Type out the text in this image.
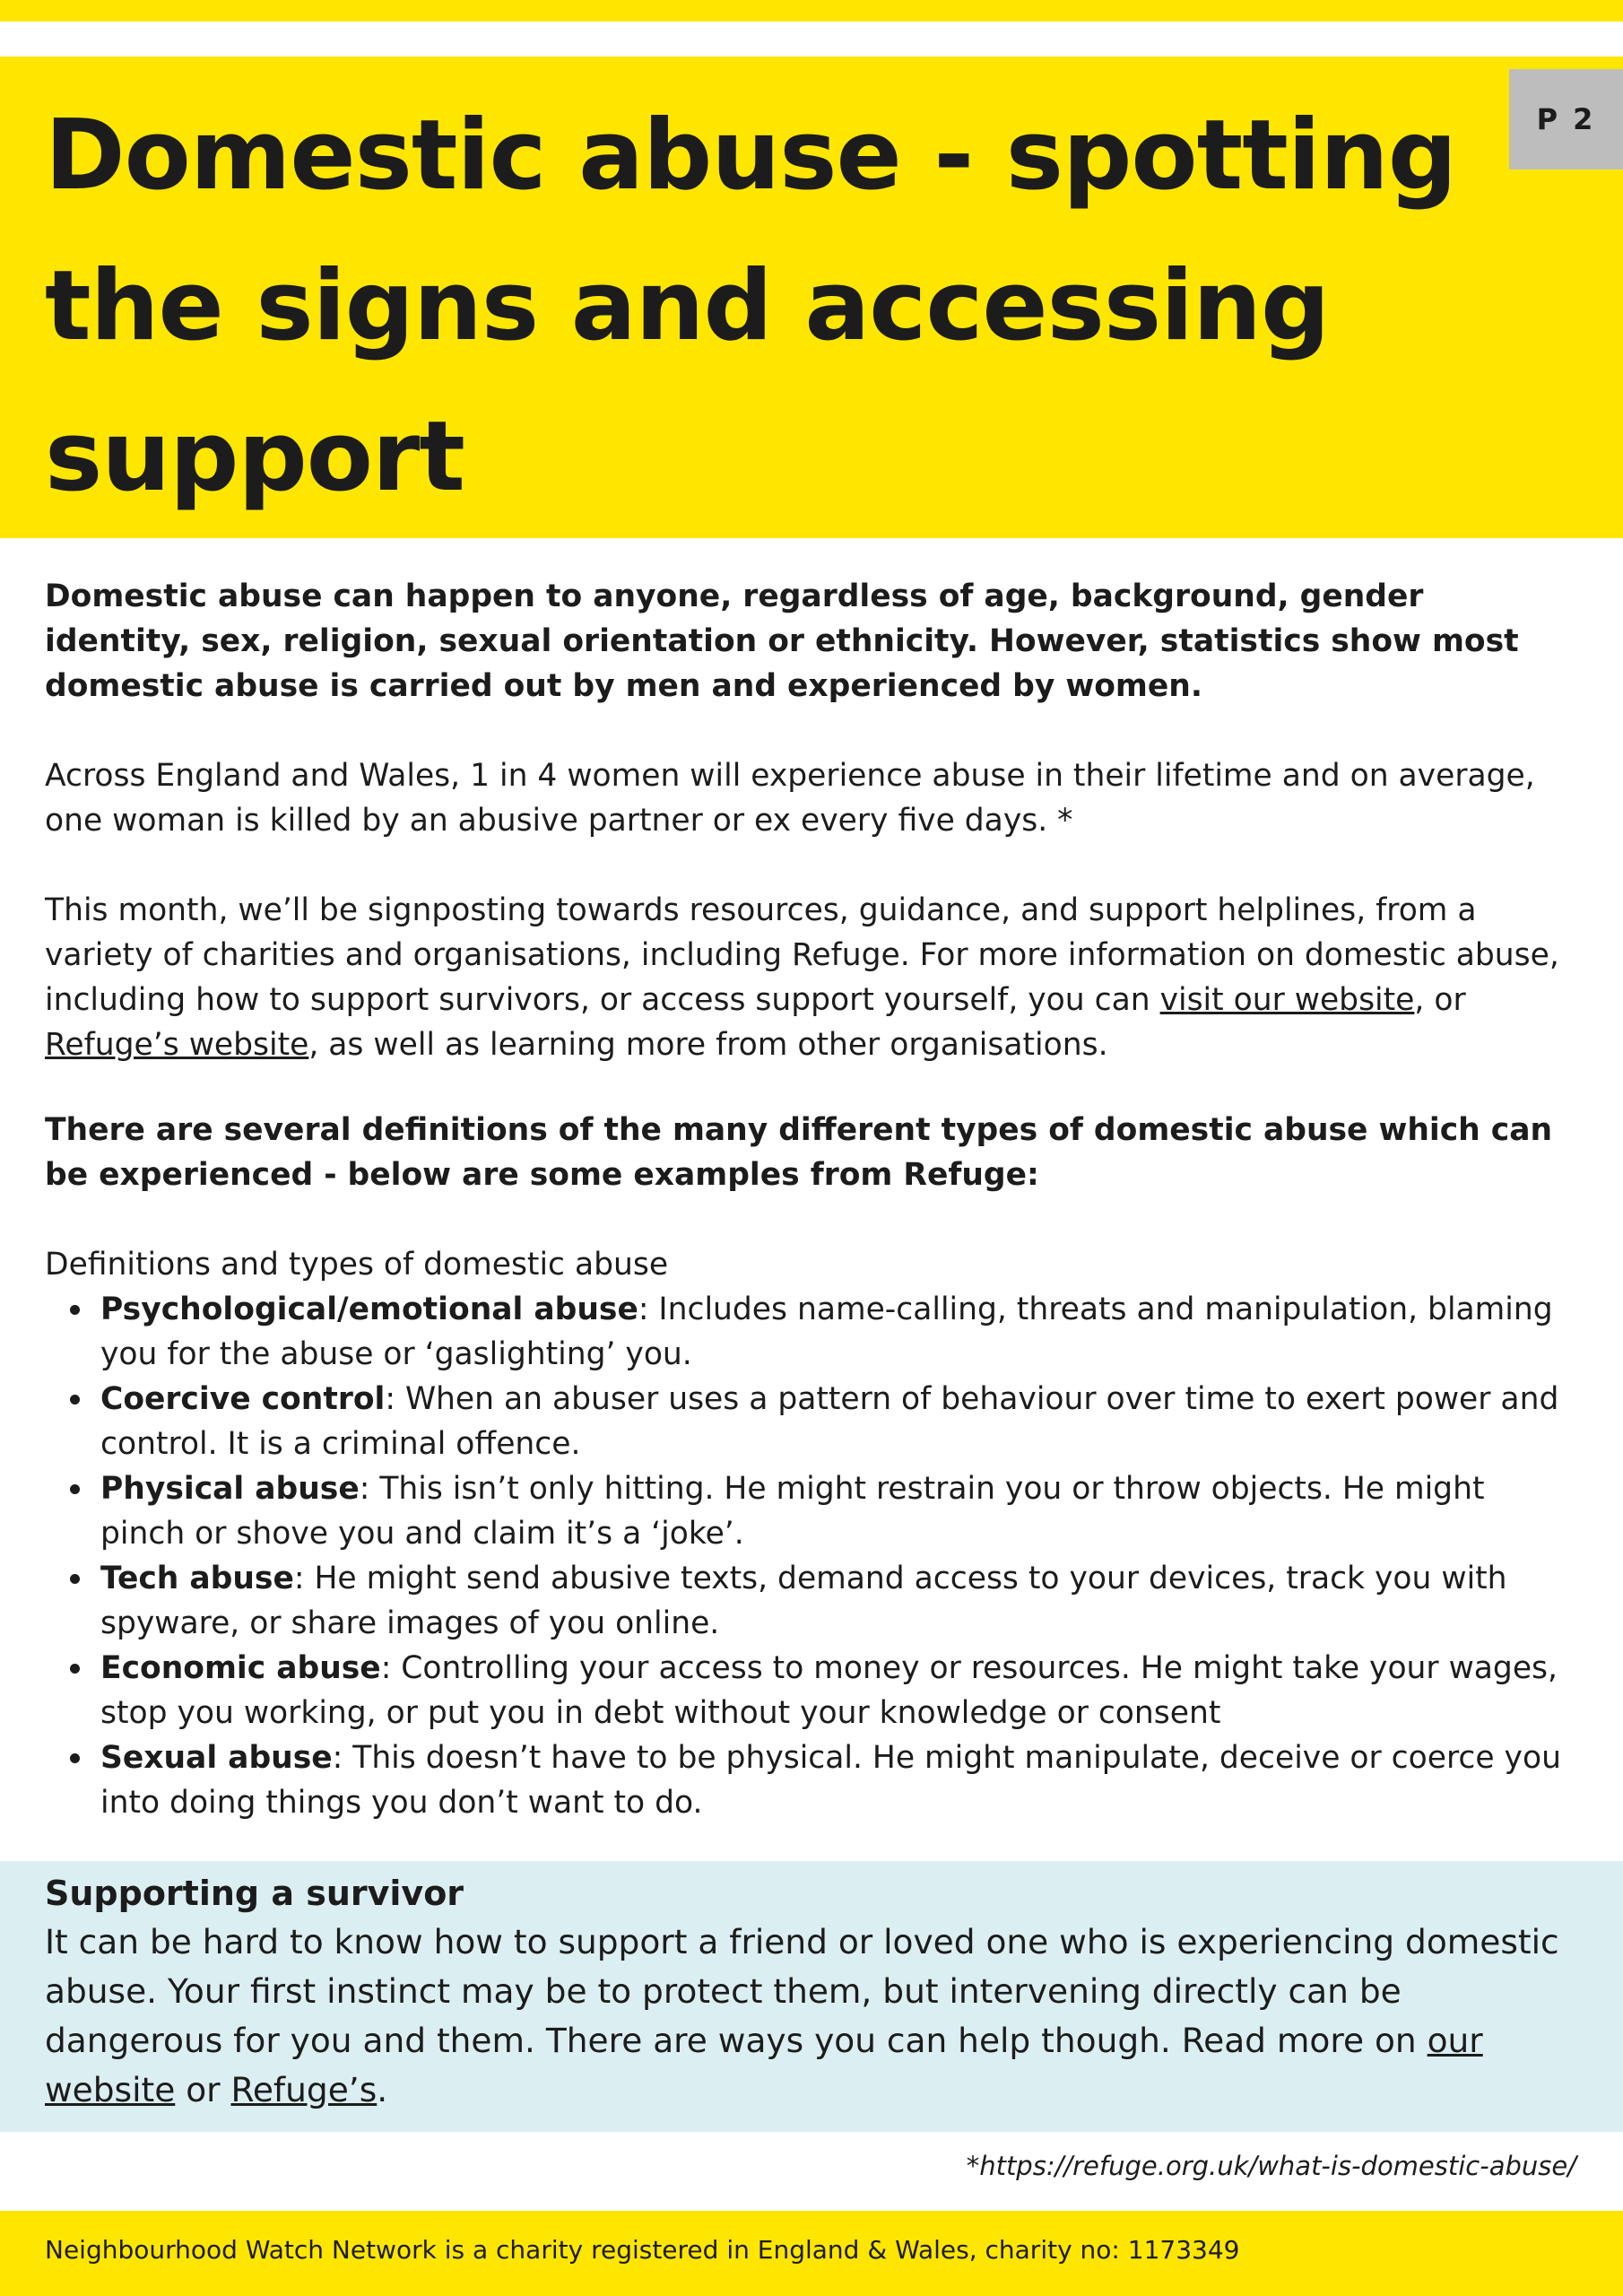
Domestic abuse - spotting the signs and accessing support
P 2

Domestic abuse can happen to anyone, regardless of age, background, gender identity, sex, religion, sexual orientation or ethnicity. However, statistics show most domestic abuse is carried out by men and experienced by women.

Across England and Wales, 1 in 4 women will experience abuse in their lifetime and on average, one woman is killed by an abusive partner or ex every five days. *

This month, we’ll be signposting towards resources, guidance, and support helplines, from a variety of charities and organisations, including Refuge. For more information on domestic abuse, including how to support survivors, or access support yourself, you can visit our website, or Refuge’s website, as well as learning more from other organisations.

There are several definitions of the many different types of domestic abuse which can be experienced - below are some examples from Refuge:

Definitions and types of domestic abuse

Psychological/emotional abuse: Includes name-calling, threats and manipulation, blaming you for the abuse or ‘gaslighting’ you.
Coercive control: When an abuser uses a pattern of behaviour over time to exert power and control. It is a criminal offence.
Physical abuse: This isn’t only hitting. He might restrain you or throw objects. He might pinch or shove you and claim it’s a ‘joke’.
Tech abuse: He might send abusive texts, demand access to your devices, track you with spyware, or share images of you online.
Economic abuse: Controlling your access to money or resources. He might take your wages, stop you working, or put you in debt without your knowledge or consent
Sexual abuse: This doesn’t have to be physical. He might manipulate, deceive or coerce you into doing things you don’t want to do.
Supporting a survivor

It can be hard to know how to support a friend or loved one who is experiencing domestic abuse. Your first instinct may be to protect them, but intervening directly can be dangerous for you and them. There are ways you can help though. Read more on our website or Refuge’s.

*https://refuge.org.uk/what-is-domestic-abuse/

Neighbourhood Watch Network is a charity registered in England & Wales, charity no: 1173349
